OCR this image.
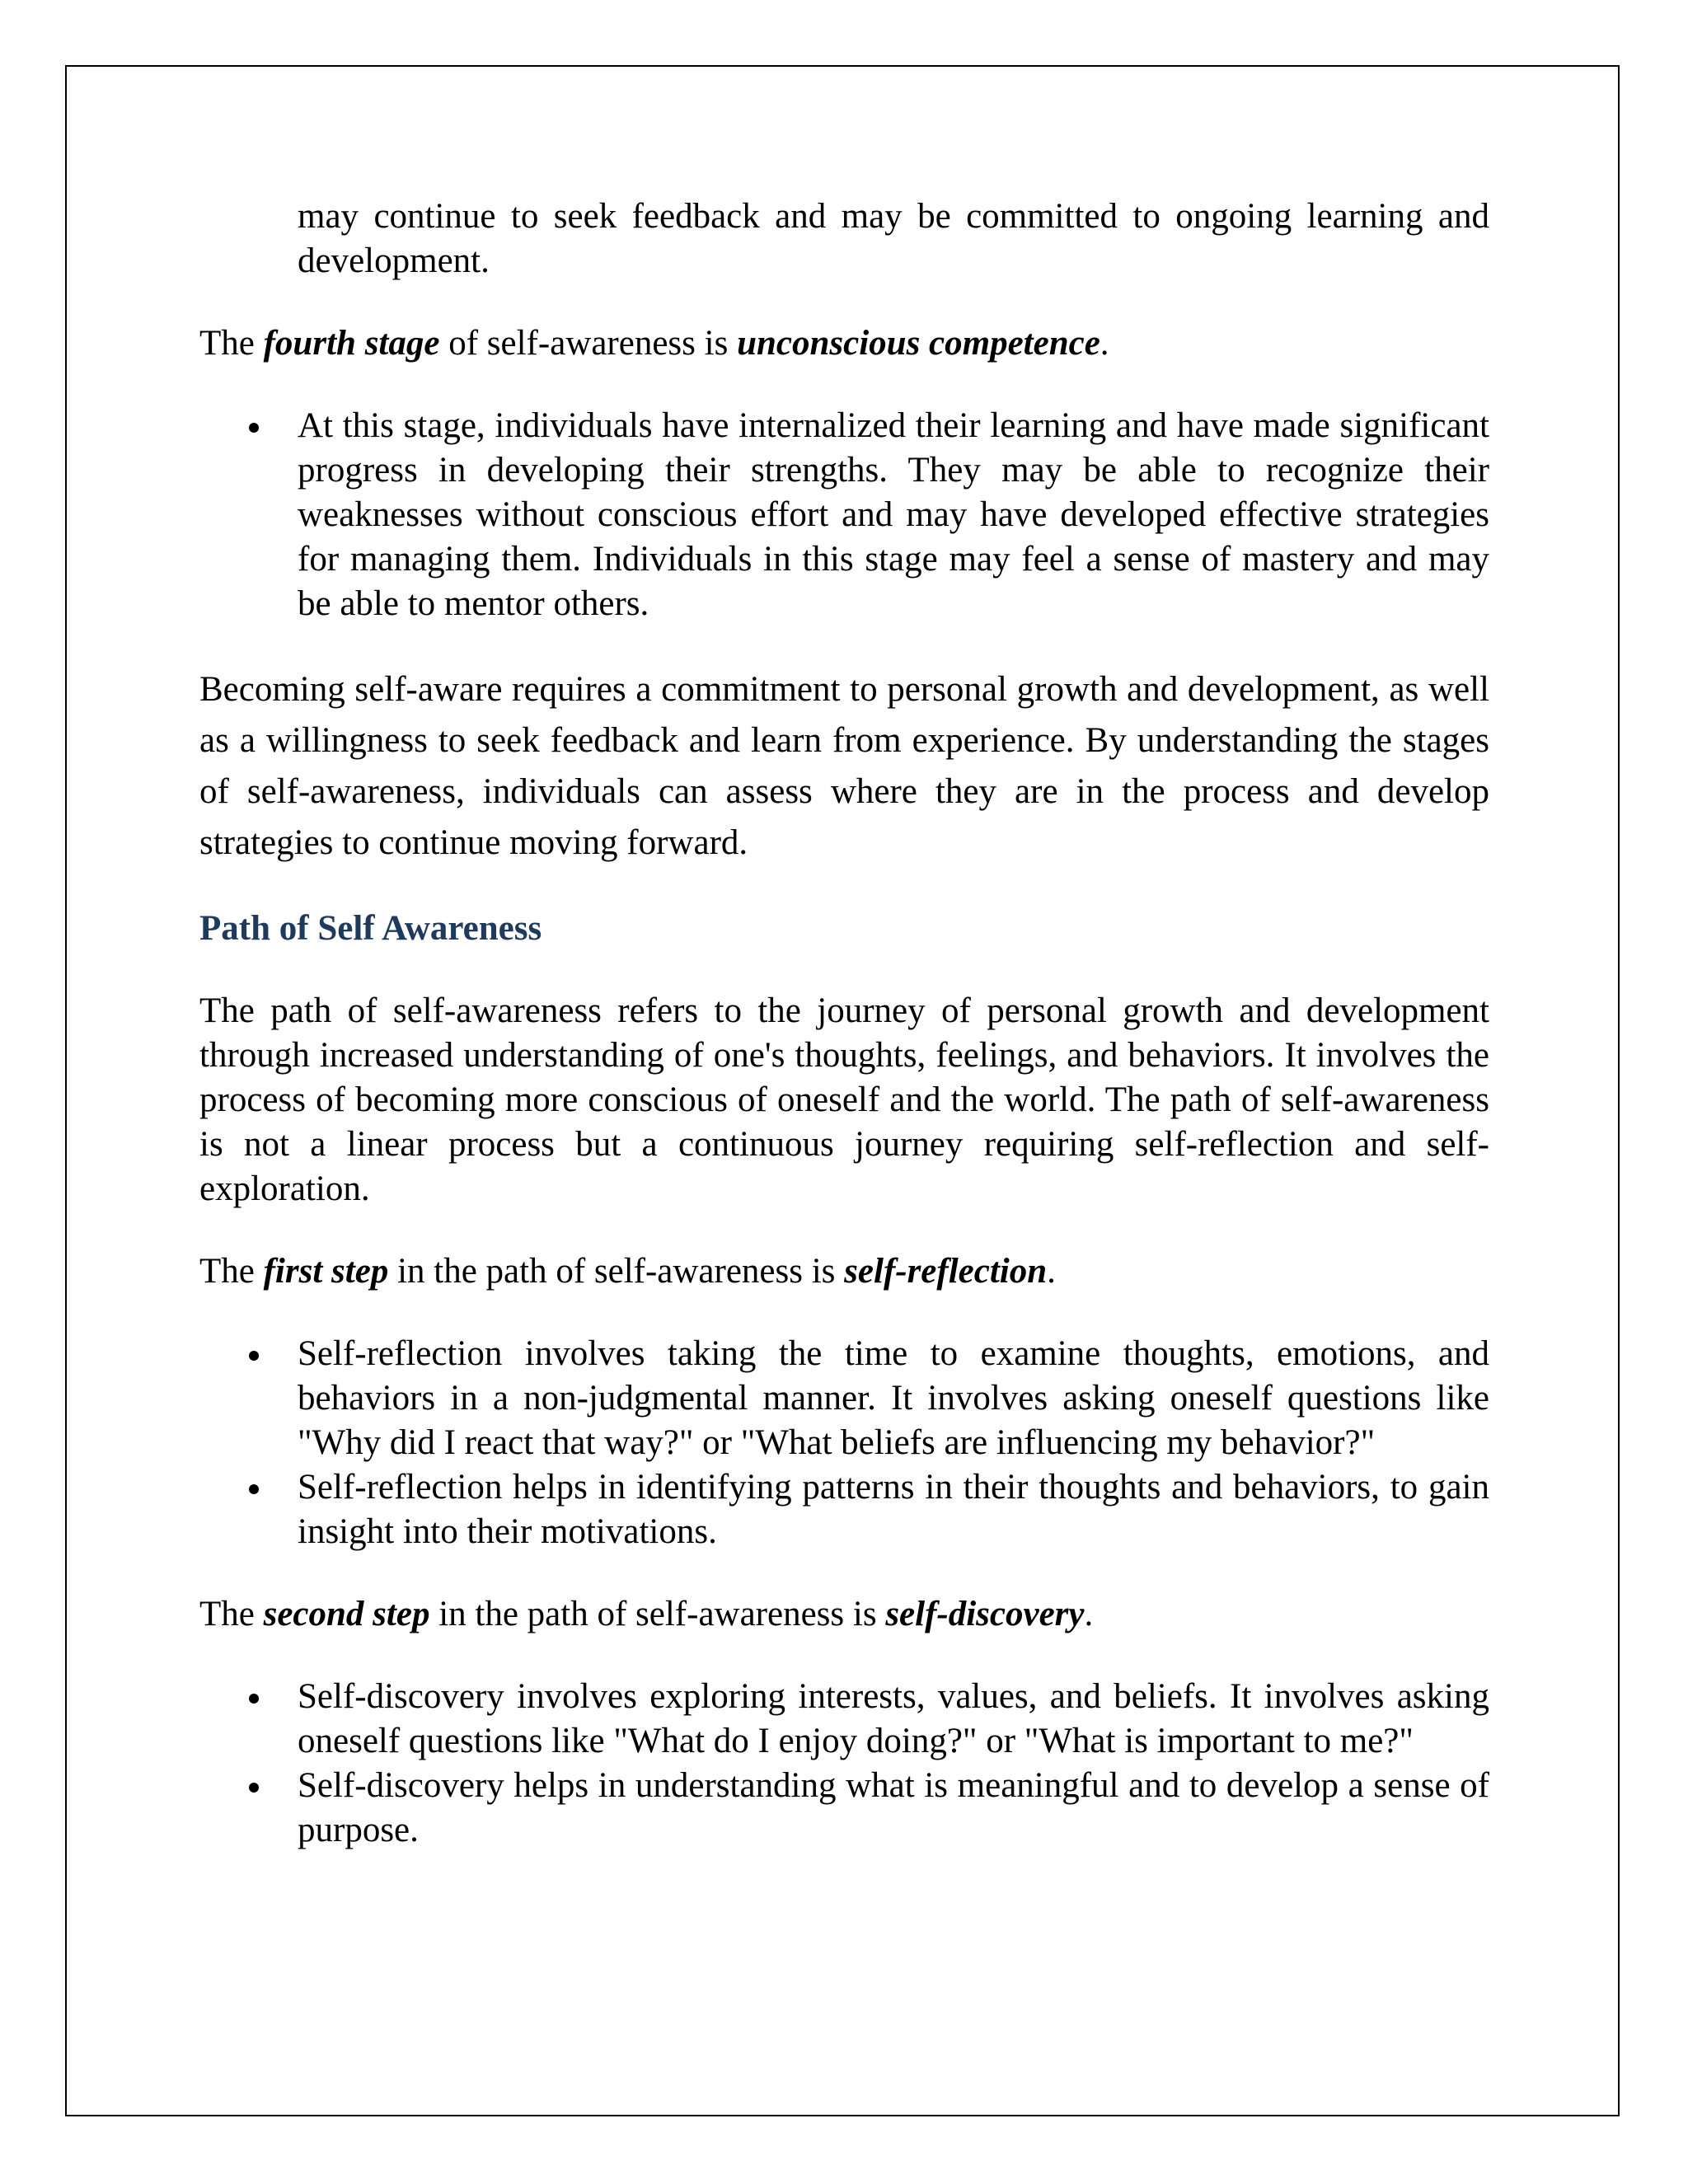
may continue to seek feedback and may be committed to ongoing learning and development.

The fourth stage of self-awareness is unconscious competence.

At this stage, individuals have internalized their learning and have made significant progress in developing their strengths. They may be able to recognize their weaknesses without conscious effort and may have developed effective strategies for managing them. Individuals in this stage may feel a sense of mastery and may be able to mentor others.

Becoming self-aware requires a commitment to personal growth and development, as well as a willingness to seek feedback and learn from experience. By understanding the stages of self-awareness, individuals can assess where they are in the process and develop strategies to continue moving forward.

Path of Self Awareness

The path of self-awareness refers to the journey of personal growth and development through increased understanding of one's thoughts, feelings, and behaviors. It involves the process of becoming more conscious of oneself and the world. The path of self-awareness is not a linear process but a continuous journey requiring self-reflection and self-exploration.

The first step in the path of self-awareness is self-reflection.

Self-reflection involves taking the time to examine thoughts, emotions, and behaviors in a non-judgmental manner. It involves asking oneself questions like "Why did I react that way?" or "What beliefs are influencing my behavior?"
Self-reflection helps in identifying patterns in their thoughts and behaviors, to gain insight into their motivations.

The second step in the path of self-awareness is self-discovery.

Self-discovery involves exploring interests, values, and beliefs. It involves asking oneself questions like "What do I enjoy doing?" or "What is important to me?"
Self-discovery helps in understanding what is meaningful and to develop a sense of purpose.
